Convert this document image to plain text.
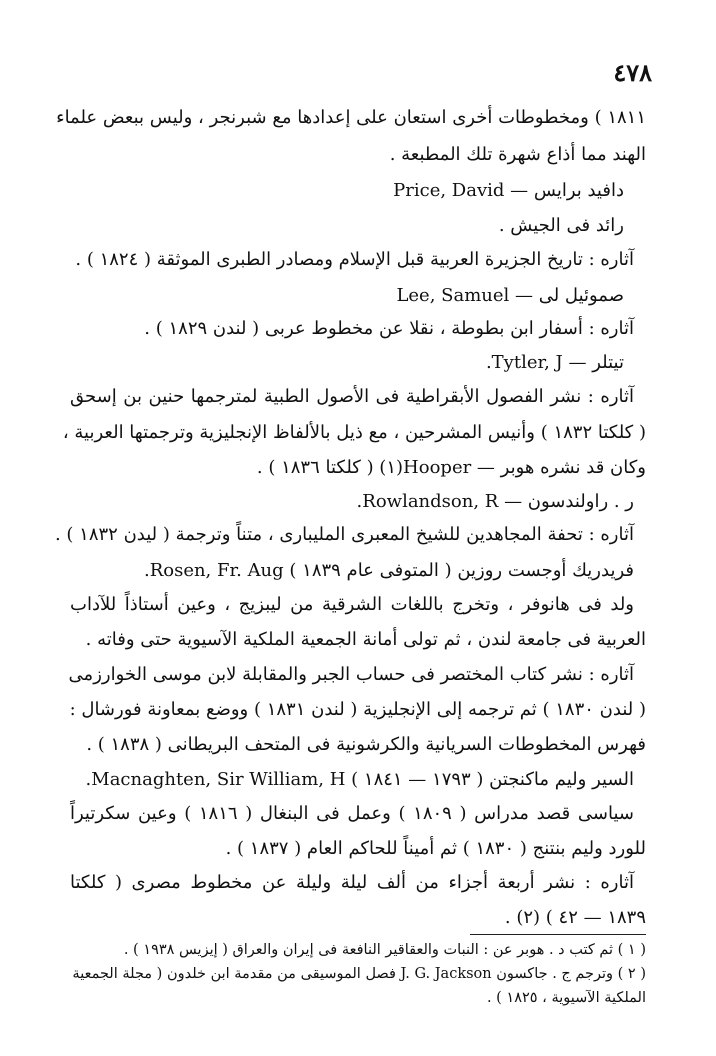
٤٧٨
١٨١١ ) ومخطوطات أخرى استعان على إعدادها مع شبرنجر ، وليس ببعض علماء
الهند مما أذاع شهرة تلك المطبعة .
دافيد برايس — Price, David
رائد فى الجيش .
آثاره : تاريخ الجزيرة العربية قبل الإسلام ومصادر الطبرى الموثقة ( ١٨٢٤ ) .
صموئيل لى — Lee, Samuel
آثاره : أسفار ابن بطوطة ، نقلا عن مخطوط عربى ( لندن ١٨٢٩ ) .
تيتلر — Tytler, J.
آثاره : نشر الفصول الأبقراطية فى الأصول الطبية لمترجمها حنين بن إسحق
( كلكتا ١٨٣٢ ) وأنيس المشرحين ، مع ذيل بالألفاظ الإنجليزية وترجمتها العربية ،
وكان قد نشره هوبر — Hooper(١) ( كلكتا ١٨٣٦ ) .
ر . راولندسون — Rowlandson, R.
آثاره : تحفة المجاهدين للشيخ المعبرى المليبارى ، متناً وترجمة ( ليدن ١٨٣٢ ) .
فريدريك أوجست روزين ( المتوفى عام ١٨٣٩ ) Rosen, Fr. Aug.
ولد فى هانوفر ، وتخرج باللغات الشرقية من ليبزيج ، وعين أستاذاً للآداب
العربية فى جامعة لندن ، ثم تولى أمانة الجمعية الملكية الآسيوية حتى وفاته .
آثاره : نشر كتاب المختصر فى حساب الجبر والمقابلة لابن موسى الخوارزمى
( لندن ١٨٣٠ ) ثم ترجمه إلى الإنجليزية ( لندن ١٨٣١ ) ووضع بمعاونة فورشال :
فهرس المخطوطات السريانية والكرشونية فى المتحف البريطانى ( ١٨٣٨ ) .
السير وليم ماكنجتن ( ١٧٩٣ — ١٨٤١ ) Macnaghten, Sir William, H.
سياسى قصد مدراس ( ١٨٠٩ ) وعمل فى البنغال ( ١٨١٦ ) وعين سكرتيراً
للورد وليم بنتنج ( ١٨٣٠ ) ثم أميناً للحاكم العام ( ١٨٣٧ ) .
آثاره : نشر أربعة أجزاء من ألف ليلة وليلة عن مخطوط مصرى ( كلكتا
١٨٣٩ — ٤٢ ) (٢) .
( ١ ) ثم كتب د . هوبر عن : النبات والعقاقير النافعة فى إيران والعراق ( إيزيس ١٩٣٨ ) .
( ٢ ) وترجم ج . جاكسون J. G. Jackson فصل الموسيقى من مقدمة ابن خلدون ( مجلة الجمعية
الملكية الآسيوية ، ١٨٢٥ ) .
